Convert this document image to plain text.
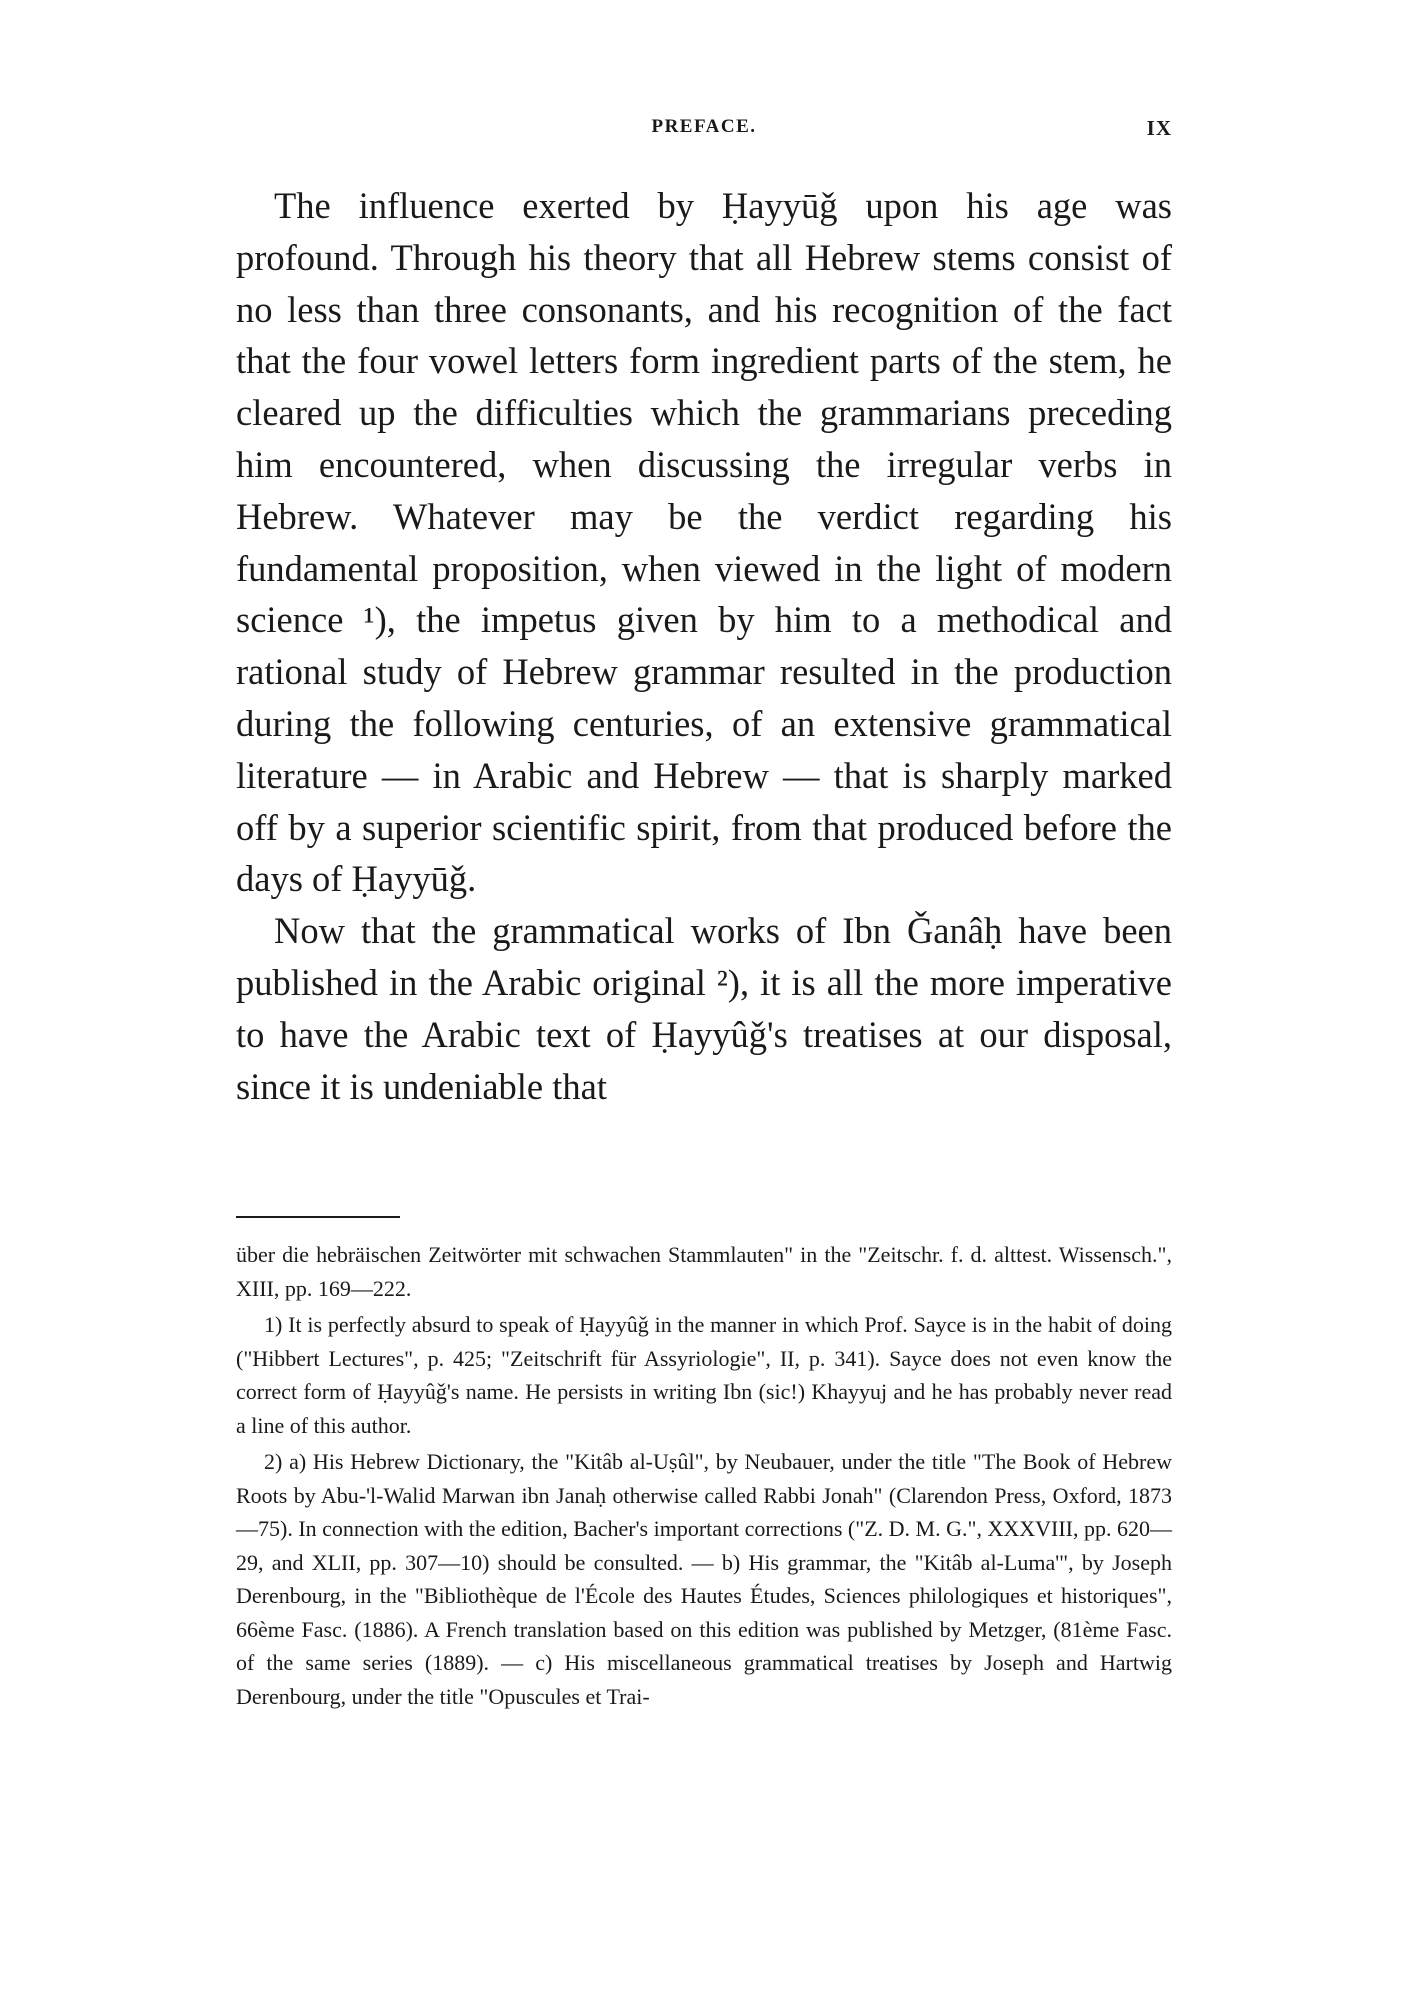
PREFACE.	IX

The influence exerted by Ḥayyūǧ upon his age was profound. Through his theory that all Hebrew stems consist of no less than three consonants, and his recognition of the fact that the four vowel letters form ingredient parts of the stem, he cleared up the difficulties which the grammarians preceding him encountered, when discussing the irregular verbs in Hebrew. Whatever may be the verdict regarding his fundamental proposition, when viewed in the light of modern science ¹), the impetus given by him to a methodical and rational study of Hebrew grammar resulted in the production during the following centuries, of an extensive grammatical literature — in Arabic and Hebrew — that is sharply marked off by a superior scientific spirit, from that produced before the days of Ḥayyūǧ.

Now that the grammatical works of Ibn Ǧanâḥ have been published in the Arabic original ²), it is all the more imperative to have the Arabic text of Ḥayyûǧ's treatises at our disposal, since it is undeniable that

über die hebräischen Zeitwörter mit schwachen Stammlauten" in the "Zeitschr. f. d. alttest. Wissensch.", XIII, pp. 169—222.

1) It is perfectly absurd to speak of Ḥayyûǧ in the manner in which Prof. Sayce is in the habit of doing ("Hibbert Lectures", p. 425; "Zeitschrift für Assyriologie", II, p. 341). Sayce does not even know the correct form of Ḥayyûǧ's name. He persists in writing Ibn (sic!) Khayyuj and he has probably never read a line of this author.

2) a) His Hebrew Dictionary, the "Kitâb al-Uṣûl", by Neubauer, under the title "The Book of Hebrew Roots by Abu-'l-Walid Marwan ibn Janaḥ otherwise called Rabbi Jonah" (Clarendon Press, Oxford, 1873—75). In connection with the edition, Bacher's important corrections ("Z. D. M. G.", XXXVIII, pp. 620—29, and XLII, pp. 307—10) should be consulted. — b) His grammar, the "Kitâb al-Luma'", by Joseph Derenbourg, in the "Bibliothèque de l'École des Hautes Études, Sciences philologiques et historiques", 66ème Fasc. (1886). A French translation based on this edition was published by Metzger, (81ème Fasc. of the same series (1889). — c) His miscellaneous grammatical treatises by Joseph and Hartwig Derenbourg, under the title "Opuscules et Trai-
